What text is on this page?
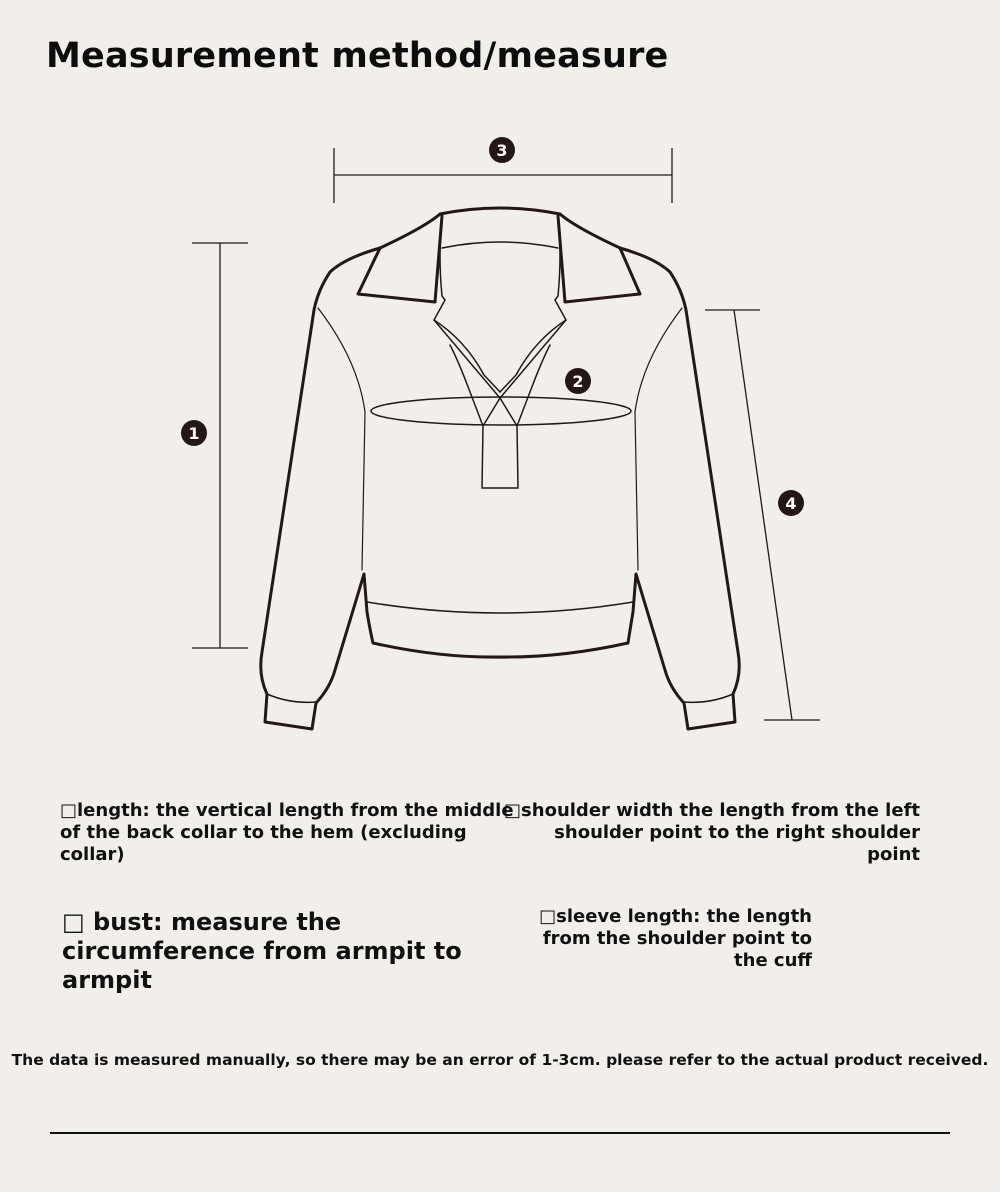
Measurement method/measure
1
2
3
4
□length: the vertical length from the middle of the back collar to the hem (excluding collar)
□shoulder width the length from the left shoulder point to the right shoulder point
□ bust: measure the circumference from armpit to armpit
□sleeve length: the length from the shoulder point to the cuff
The data is measured manually, so there may be an error of 1-3cm. please refer to the actual product received.
